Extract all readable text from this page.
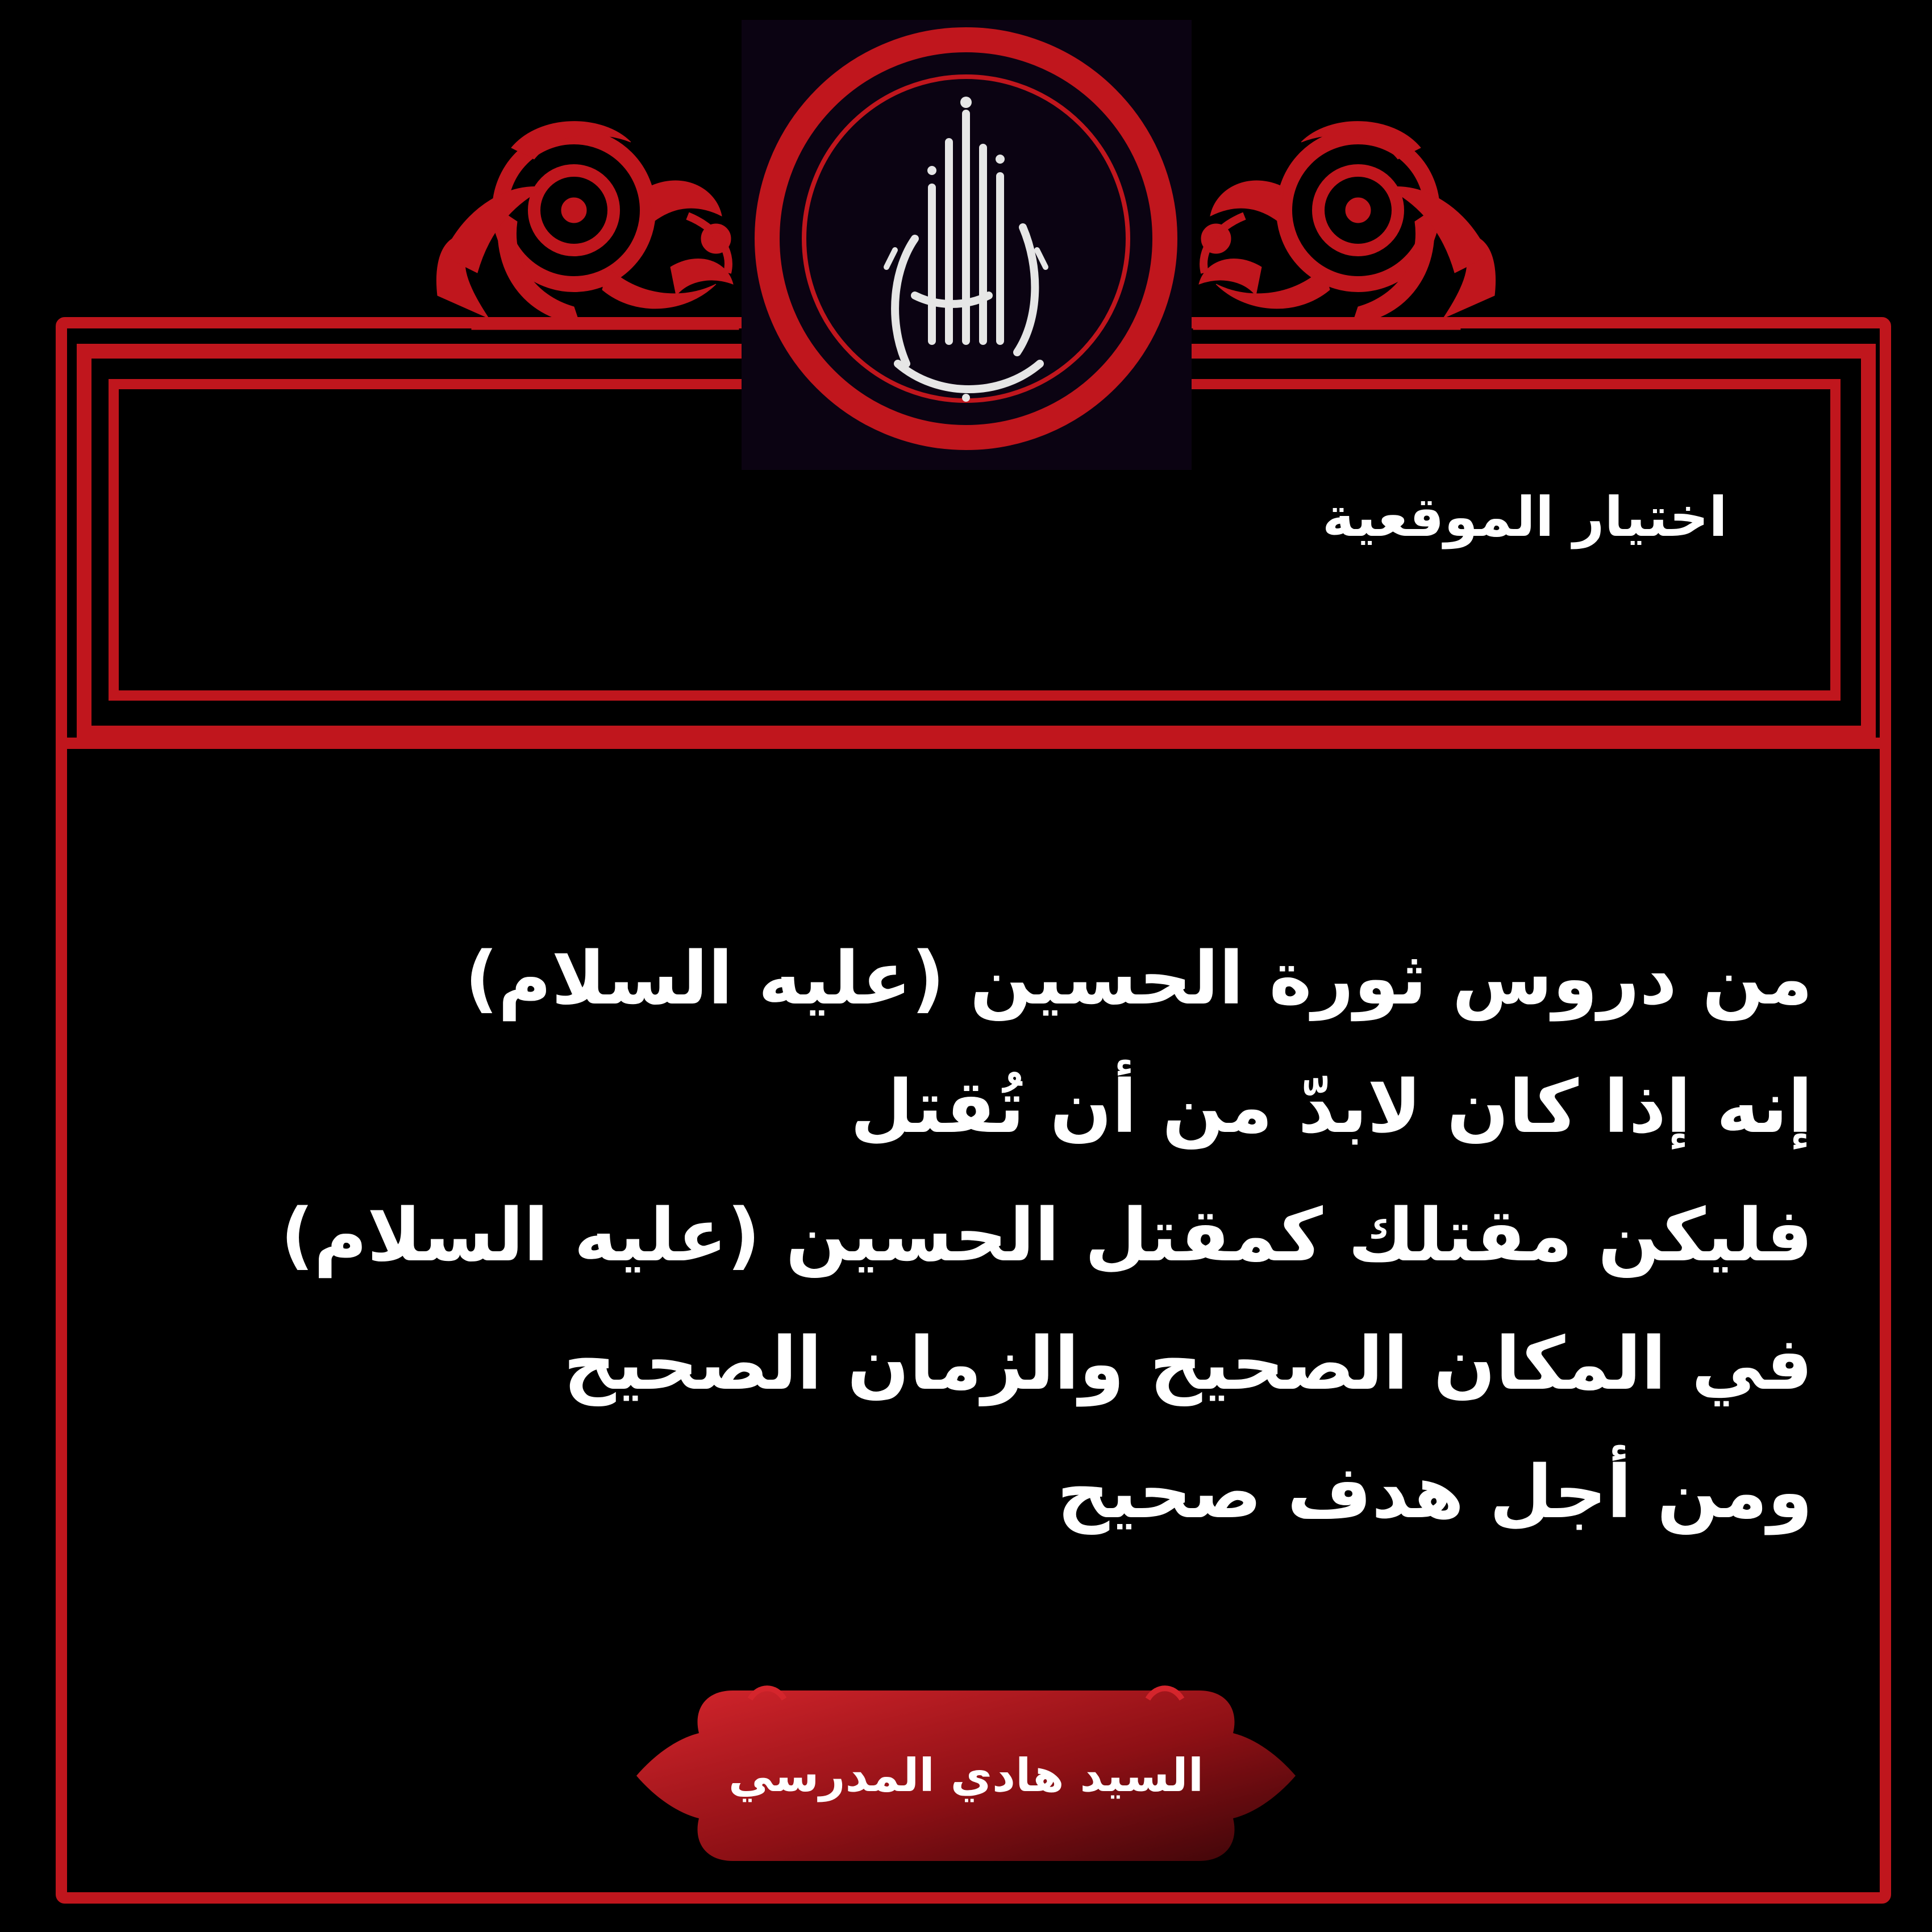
اختيار الموقعية
من دروس ثورة الحسين (عليه السلام)
إنه إذا كان لابدّ من أن تُقتل
فليكن مقتلك كمقتل الحسين (عليه السلام)
في المكان الصحيح والزمان الصحيح
ومن أجل هدف صحيح
السيد هادي المدرسي
